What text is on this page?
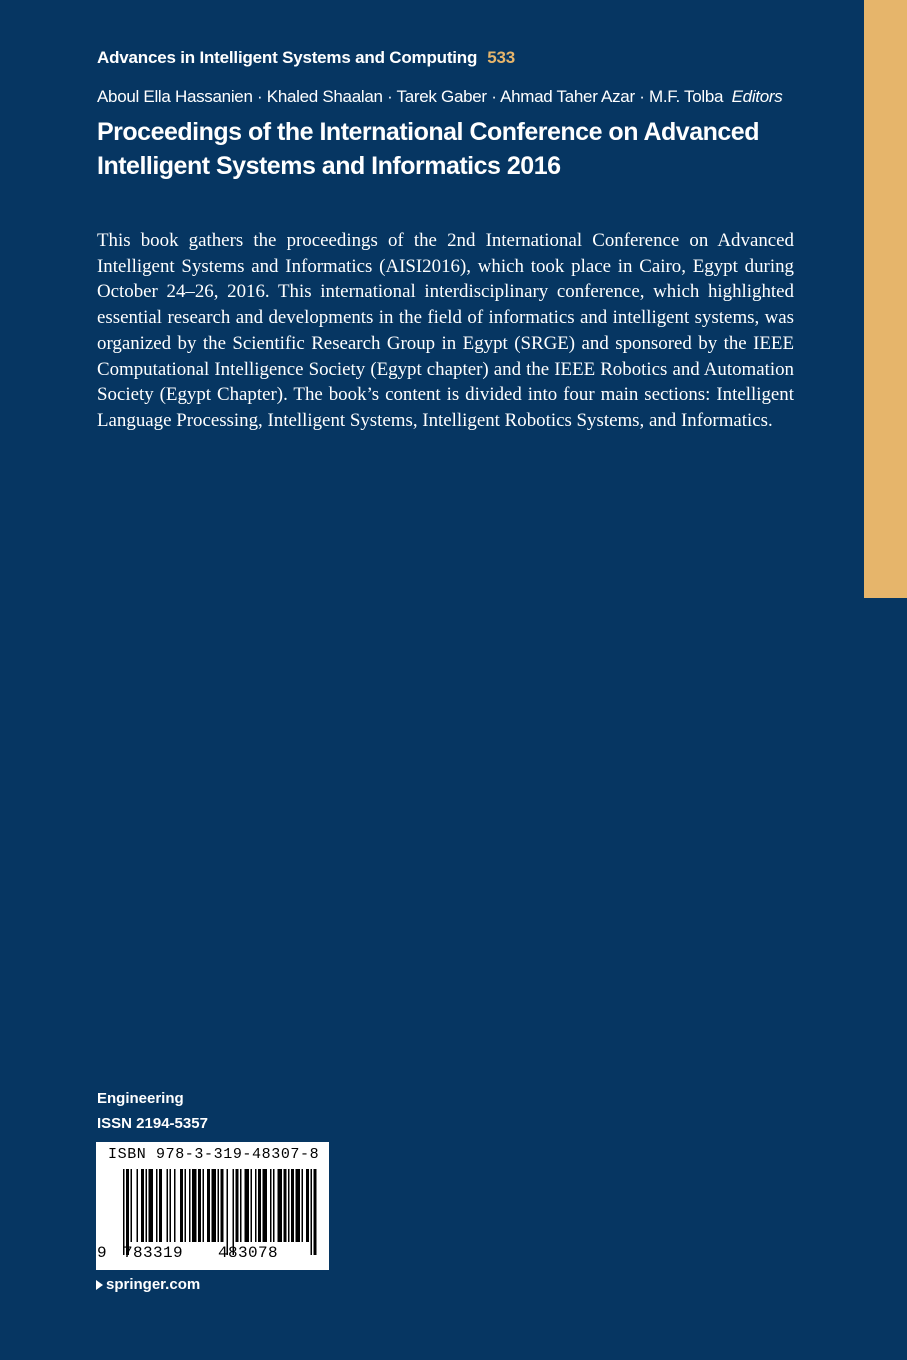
Advances in Intelligent Systems and Computing 533
Aboul Ella Hassanien · Khaled Shaalan · Tarek Gaber · Ahmad Taher Azar · M.F. Tolba Editors
Proceedings of the International Conference on Advanced
Intelligent Systems and Informatics 2016

This book gathers the proceedings of the 2nd International Conference on Advanced Intelligent Systems and Informatics (AISI2016), which took place in Cairo, Egypt during October 24–26, 2016. This international interdisciplinary conference, which highlighted essential research and developments in the field of informatics and intelligent systems, was organized by the Scientific Research Group in Egypt (SRGE) and sponsored by the IEEE Computational Intelligence Society (Egypt chapter) and the IEEE Robotics and Automation Society (Egypt Chapter). The book’s content is divided into four main sections: Intelligent Language Processing, Intelligent Systems, Intelligent Robotics Systems, and Informatics.

Engineering
ISSN 2194-5357
ISBN 978-3-319-48307-8
9 783319 483078
springer.com
